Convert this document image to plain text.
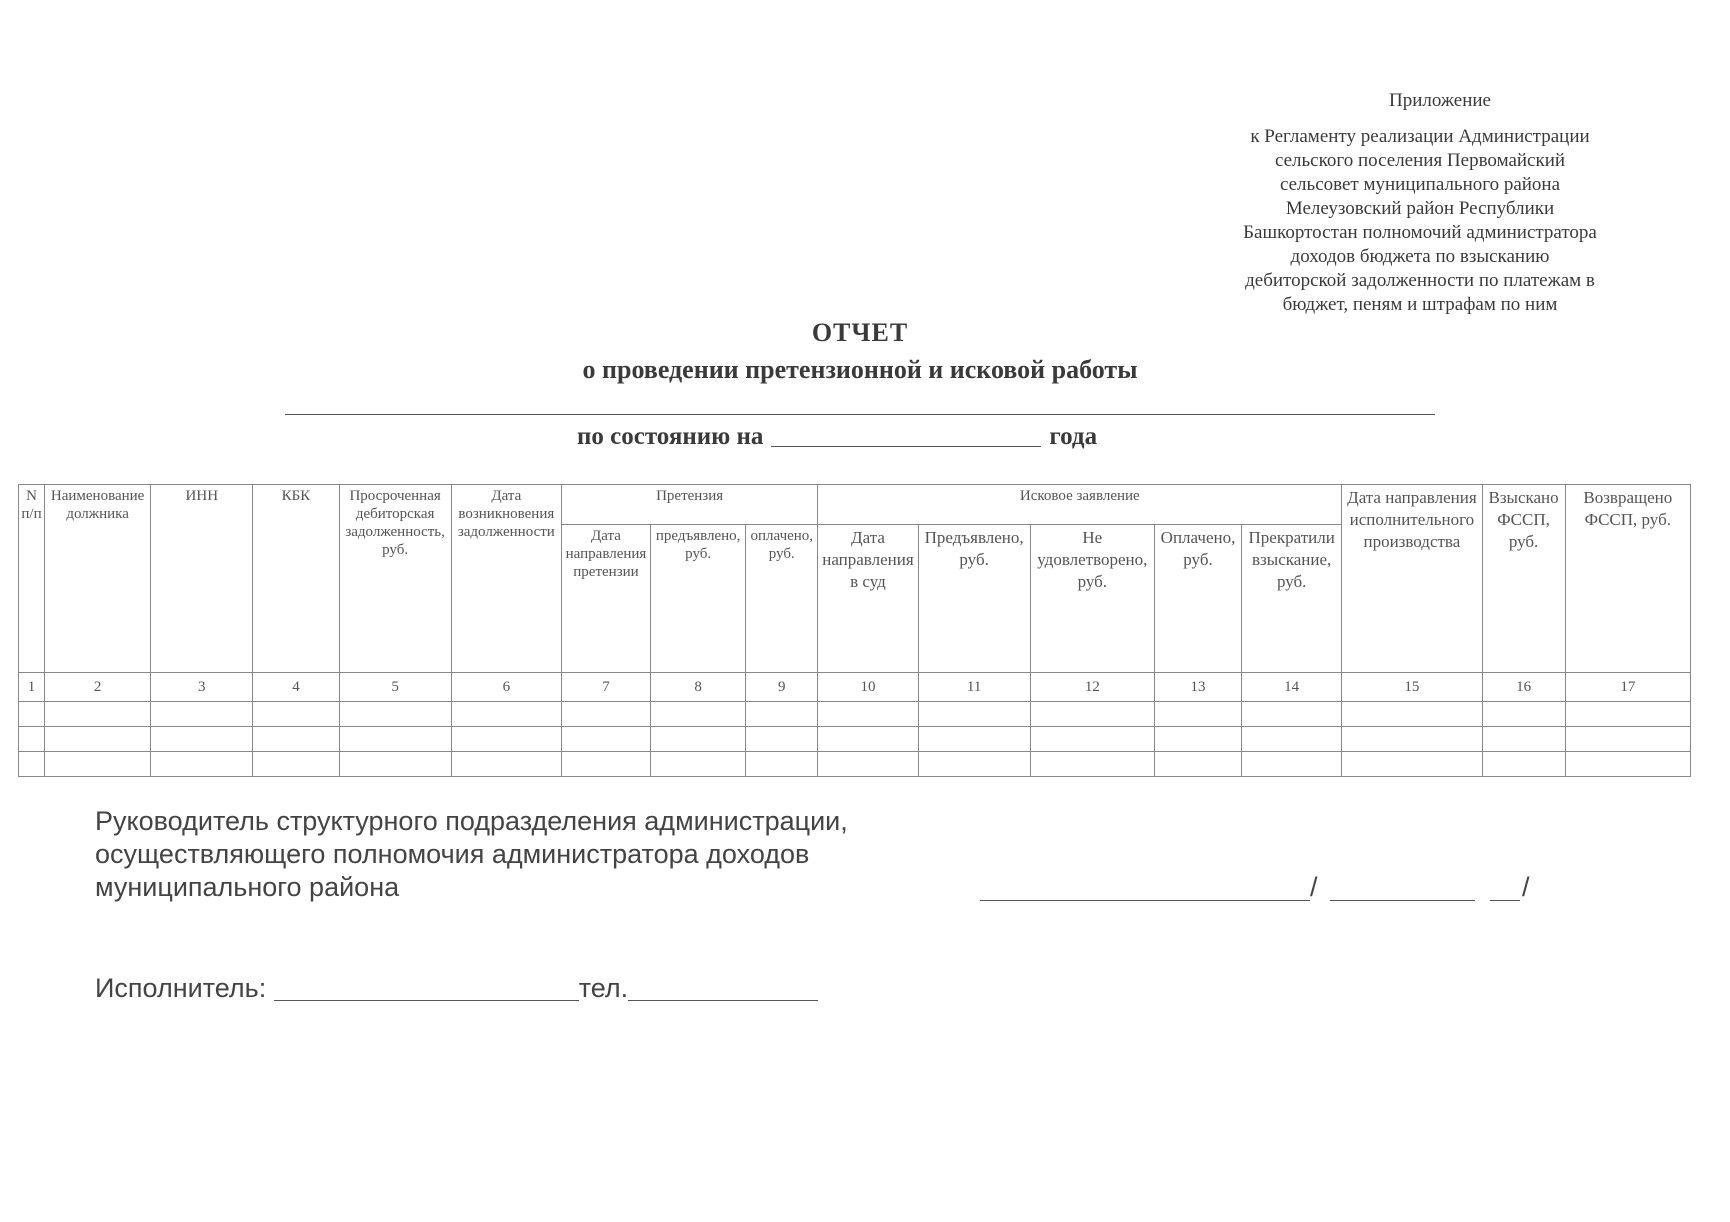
Приложение
к Регламенту реализации Администрации
сельского поселения Первомайский
сельсовет муниципального района
Мелеузовский район Республики
Башкортостан полномочий администратора
доходов бюджета по взысканию
дебиторской задолженности по платежам в
бюджет, пеням и штрафам по ним
ОТЧЕТ
о проведении претензионной и исковой работы
по состоянию на	года
N п/п	Наименование должника	ИНН	КБК	Просроченная дебиторская задолженность, руб.	Дата возникновения задолженности	Претензия			Исковое заявление					Дата направления исполнительного производства	Взыскано ФССП, руб.	Возвращено ФССП, руб.
						Дата направления претензии	предъявлено, руб.	оплачено, руб.	Дата направления в суд	Предъявлено, руб.	Не удовлетворено, руб.	Оплачено, руб.	Прекратили взыскание, руб.			
1	2	3	4	5	6	7	8	9	10	11	12	13	14	15	16	17

Руководитель структурного подразделения администрации,
осуществляющего полномочия администратора доходов
муниципального района	/	/
Исполнитель:	тел.
